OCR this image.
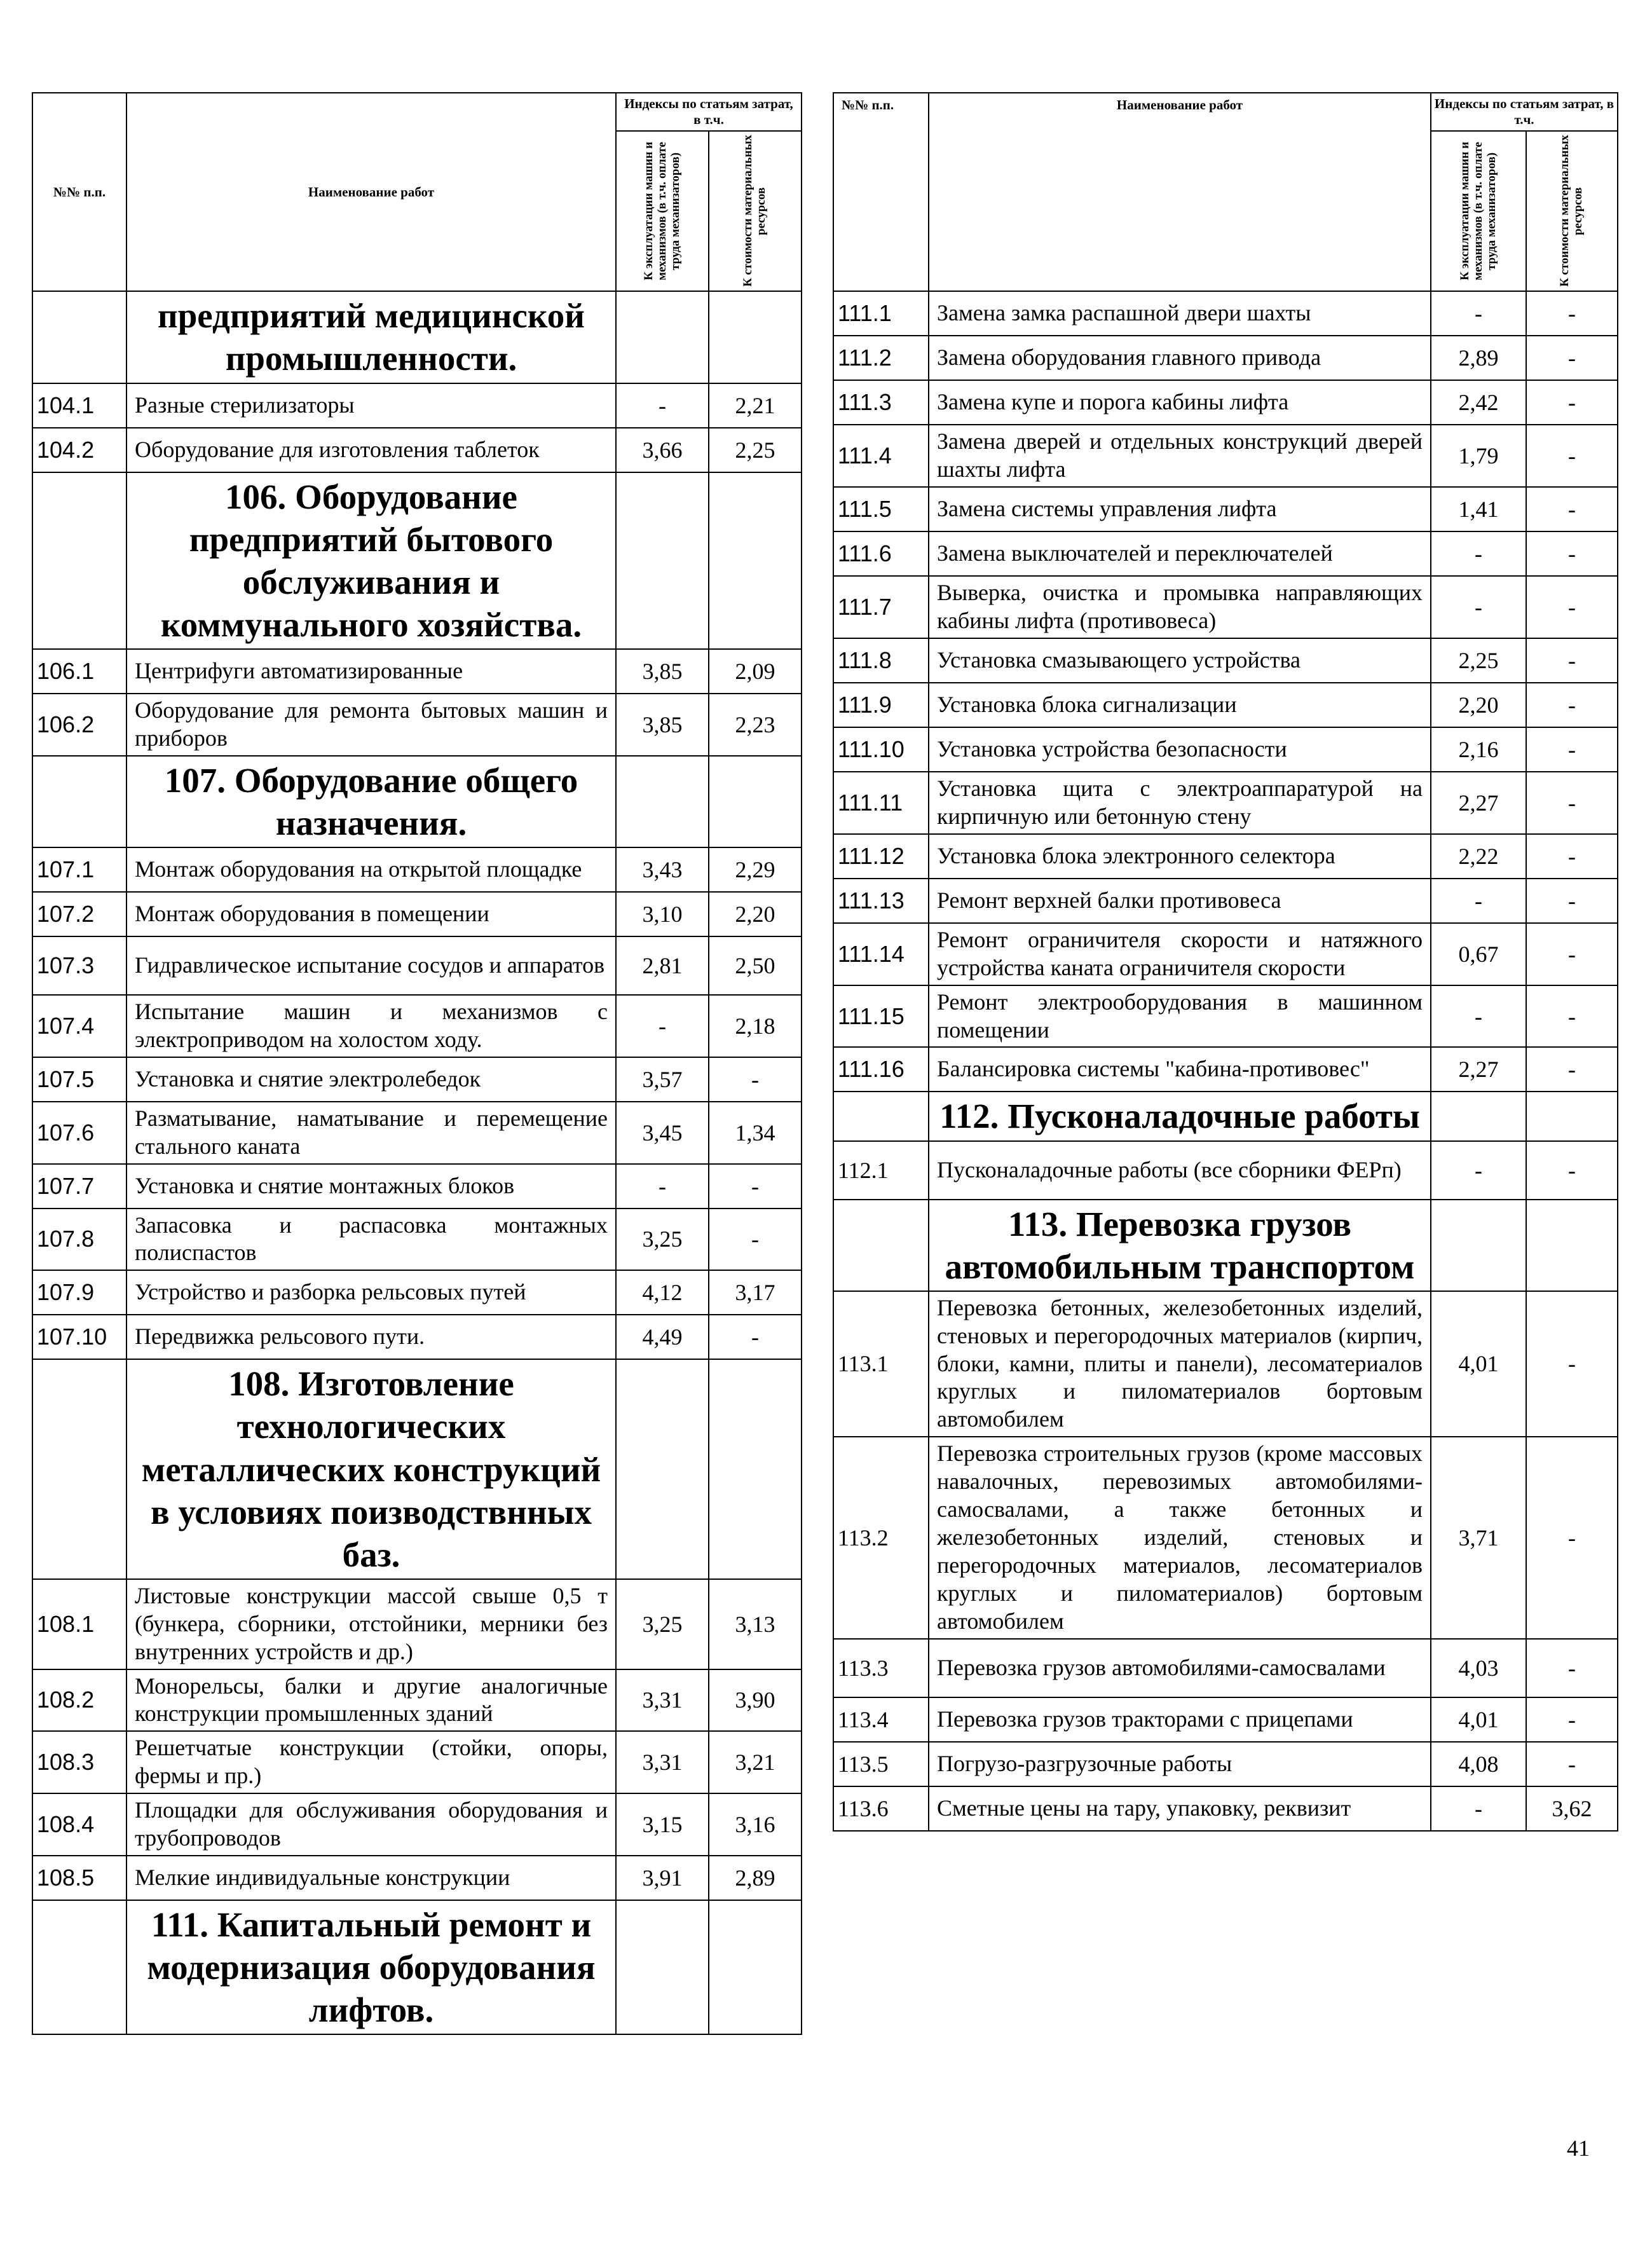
№№ п.п.	Наименование работ	Индексы по статьям затрат, в т.ч.	

		К эксплуатации машин и механизмов (в т.ч. оплате труда механизаторов)	К стоимости материальных ресурсов

	предприятий медицинской промышленности.		
104.1	Разные стерилизаторы	-	2,21
104.2	Оборудование для изготовления таблеток	3,66	2,25
	106. Оборудование предприятий бытового обслуживания и коммунального хозяйства.		
106.1	Центрифуги автоматизированные	3,85	2,09
106.2	Оборудование для ремонта бытовых машин и приборов	3,85	2,23
	107. Оборудование общего назначения.		
107.1	Монтаж оборудования на открытой площадке	3,43	2,29
107.2	Монтаж оборудования в помещении	3,10	2,20
107.3	Гидравлическое испытание сосудов и аппаратов	2,81	2,50
107.4	Испытание машин и механизмов с электроприводом на холостом ходу.	-	2,18
107.5	Установка и снятие электролебедок	3,57	-
107.6	Разматывание, наматывание и перемещение стального каната	3,45	1,34
107.7	Установка и снятие монтажных блоков	-	-
107.8	Запасовка и распасовка монтажных полиспастов	3,25	-
107.9	Устройство и разборка рельсовых путей	4,12	3,17
107.10	Передвижка рельсового пути.	4,49	-
	108. Изготовление технологических металлических конструкций в условиях поизводствнных баз.		
108.1	Листовые конструкции массой свыше 0,5 т (бункера, сборники, отстойники, мерники без внутренних устройств и др.)	3,25	3,13
108.2	Монорельсы, балки и другие аналогичные конструкции промышленных зданий	3,31	3,90
108.3	Решетчатые конструкции (стойки, опоры, фермы и пр.)	3,31	3,21
108.4	Площадки для обслуживания оборудования и трубопроводов	3,15	3,16
108.5	Мелкие индивидуальные конструкции	3,91	2,89
	111. Капитальный ремонт и модернизация оборудования лифтов.		
№№ п.п.	Наименование работ	Индексы по статьям затрат, в т.ч.	

		К эксплуатации машин и механизмов (в т.ч. оплате труда механизаторов)	К стоимости материальных ресурсов

111.1	Замена замка распашной двери шахты	-	-
111.2	Замена оборудования главного привода	2,89	-
111.3	Замена купе и порога кабины лифта	2,42	-
111.4	Замена дверей и отдельных конструкций дверей шахты лифта	1,79	-
111.5	Замена системы управления лифта	1,41	-
111.6	Замена выключателей и переключателей	-	-
111.7	Выверка, очистка и промывка направляющих кабины лифта (противовеса)	-	-
111.8	Установка смазывающего устройства	2,25	-
111.9	Установка блока сигнализации	2,20	-
111.10	Установка устройства безопасности	2,16	-
111.11	Установка щита с электроаппаратурой на кирпичную или бетонную стену	2,27	-
111.12	Установка блока электронного селектора	2,22	-
111.13	Ремонт верхней балки противовеса	-	-
111.14	Ремонт ограничителя скорости и натяжного устройства каната ограничителя скорости	0,67	-
111.15	Ремонт электрооборудования в машинном помещении	-	-
111.16	Балансировка системы "кабина-противовес"	2,27	-
	112. Пусконаладочные работы		
112.1	Пусконаладочные работы (все сборники ФЕРп)	-	-
	113. Перевозка грузов автомобильным транспортом		
113.1	Перевозка бетонных, железобетонных изделий, стеновых и перегородочных материалов (кирпич, блоки, камни, плиты и панели), лесоматериалов круглых и пиломатериалов бортовым автомобилем	4,01	-
113.2	Перевозка строительных грузов (кроме массовых навалочных, перевозимых автомобилями-самосвалами, а также бетонных и железобетонных изделий, стеновых и перегородочных материалов, лесоматериалов круглых и пиломатериалов) бортовым автомобилем	3,71	-
113.3	Перевозка грузов автомобилями-самосвалами	4,03	-
113.4	Перевозка грузов тракторами с прицепами	4,01	-
113.5	Погрузо-разгрузочные работы	4,08	-
113.6	Сметные цены на тару, упаковку, реквизит	-	3,62
41
